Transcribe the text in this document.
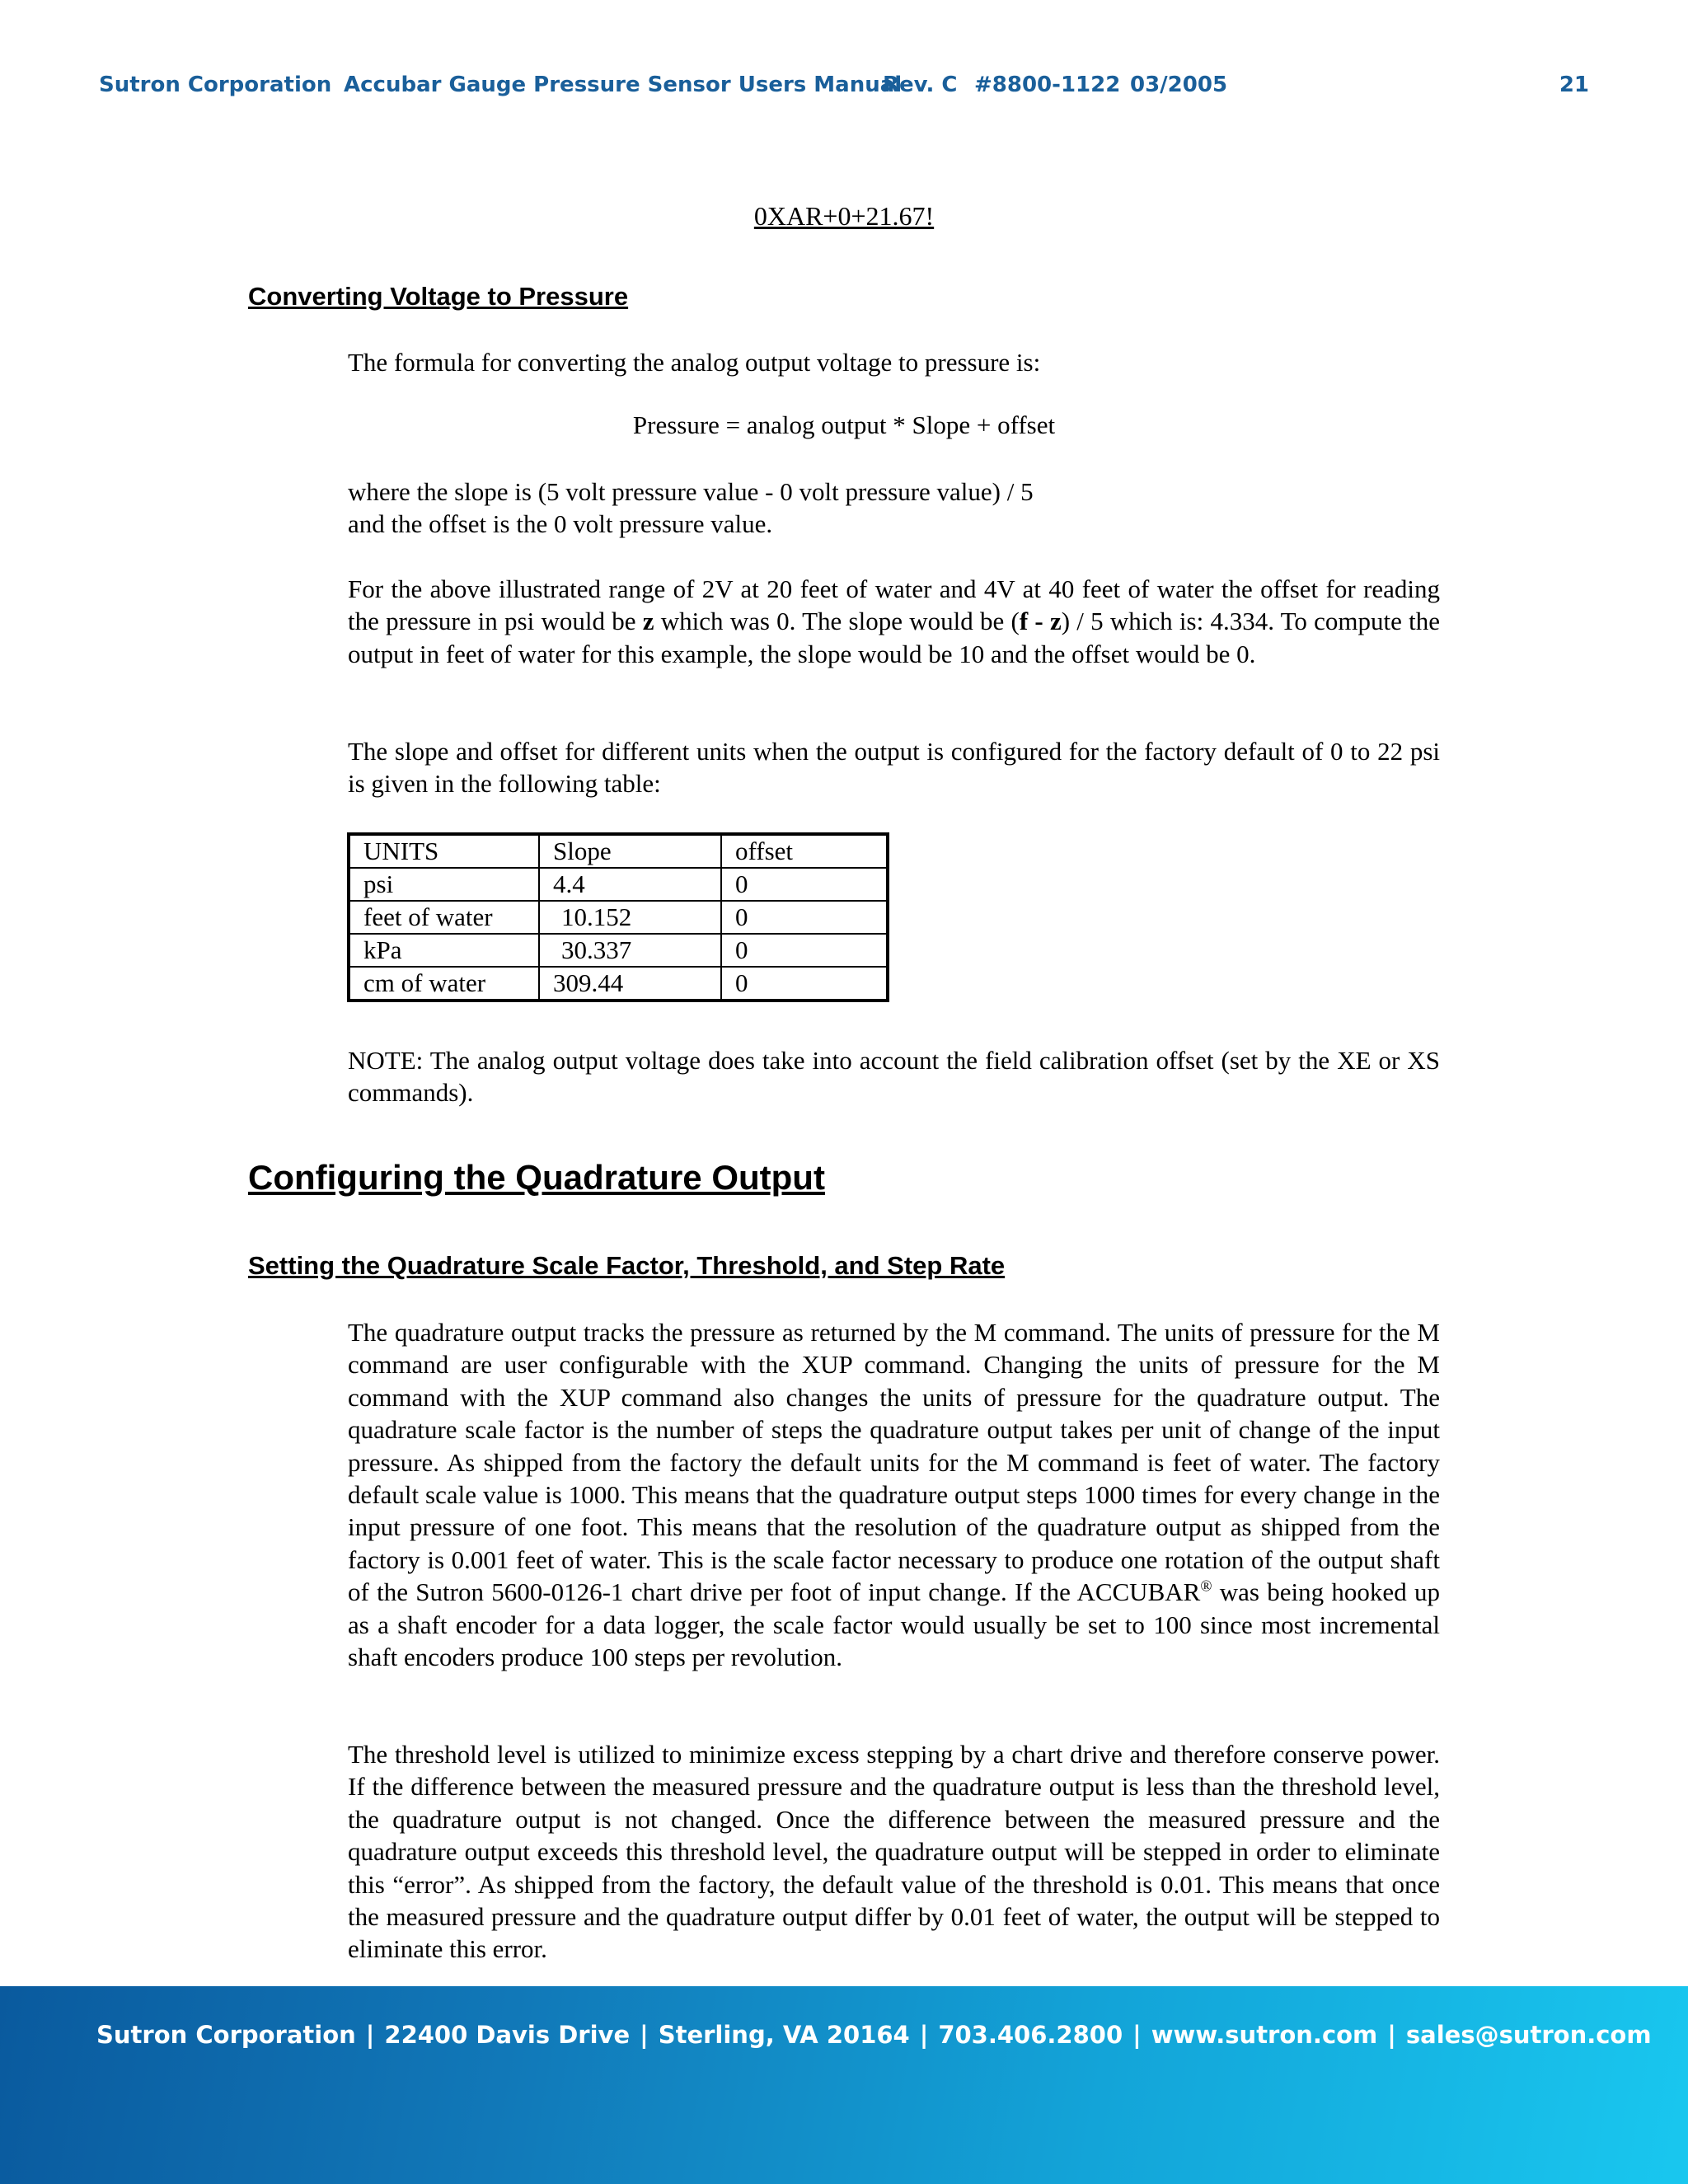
Sutron Corporation Accubar Gauge Pressure Sensor Users Manual
Rev. C #8800-1122 03/2005	21
0XAR+0+21.67!
Converting Voltage to Pressure
The formula for converting the analog output voltage to pressure is:
Pressure = analog output * Slope + offset

where the slope is (5 volt pressure value - 0 volt pressure value) / 5

and the offset is the 0 volt pressure value.

For the above illustrated range of 2V at 20 feet of water and 4V at 40 feet of water the offset for reading the pressure in psi would be z which was 0. The slope would be (f - z) / 5 which is: 4.334. To compute the output in feet of water for this example, the slope would be 10 and the offset would be 0.

The slope and offset for different units when the output is configured for the factory default of 0 to 22 psi is given in the following table:
UNITS	Slope	offset
psi	4.4	0
feet of water	10.152	0
kPa	30.337	0
cm of water	309.44	0
NOTE: The analog output voltage does take into account the field calibration offset (set by the XE or XS commands).
Configuring the Quadrature Output
Setting the Quadrature Scale Factor, Threshold, and Step Rate

The quadrature output tracks the pressure as returned by the M command. The units of pressure for the M command are user configurable with the XUP command. Changing the units of pressure for the M command with the XUP command also changes the units of pressure for the quadrature output. The quadrature scale factor is the number of steps the quadrature output takes per unit of change of the input pressure. As shipped from the factory the default units for the M command is feet of water. The factory default scale value is 1000. This means that the quadrature output steps 1000 times for every change in the input pressure of one foot. This means that the resolution of the quadrature output as shipped from the factory is 0.001 feet of water. This is the scale factor necessary to produce one rotation of the output shaft of the Sutron 5600-0126-1 chart drive per foot of input change. If the ACCUBAR® was being hooked up as a shaft encoder for a data logger, the scale factor would usually be set to 100 since most incremental shaft encoders produce 100 steps per revolution.

The threshold level is utilized to minimize excess stepping by a chart drive and therefore conserve power. If the difference between the measured pressure and the quadrature output is less than the threshold level, the quadrature output is not changed. Once the difference between the measured pressure and the quadrature output exceeds this threshold level, the quadrature output will be stepped in order to eliminate this “error”. As shipped from the factory, the default value of the threshold is 0.01. This means that once the measured pressure and the quadrature output differ by 0.01 feet of water, the output will be stepped to eliminate this error.
Sutron Corporation | 22400 Davis Drive | Sterling, VA 20164 | 703.406.2800 | www.sutron.com | sales@sutron.com
